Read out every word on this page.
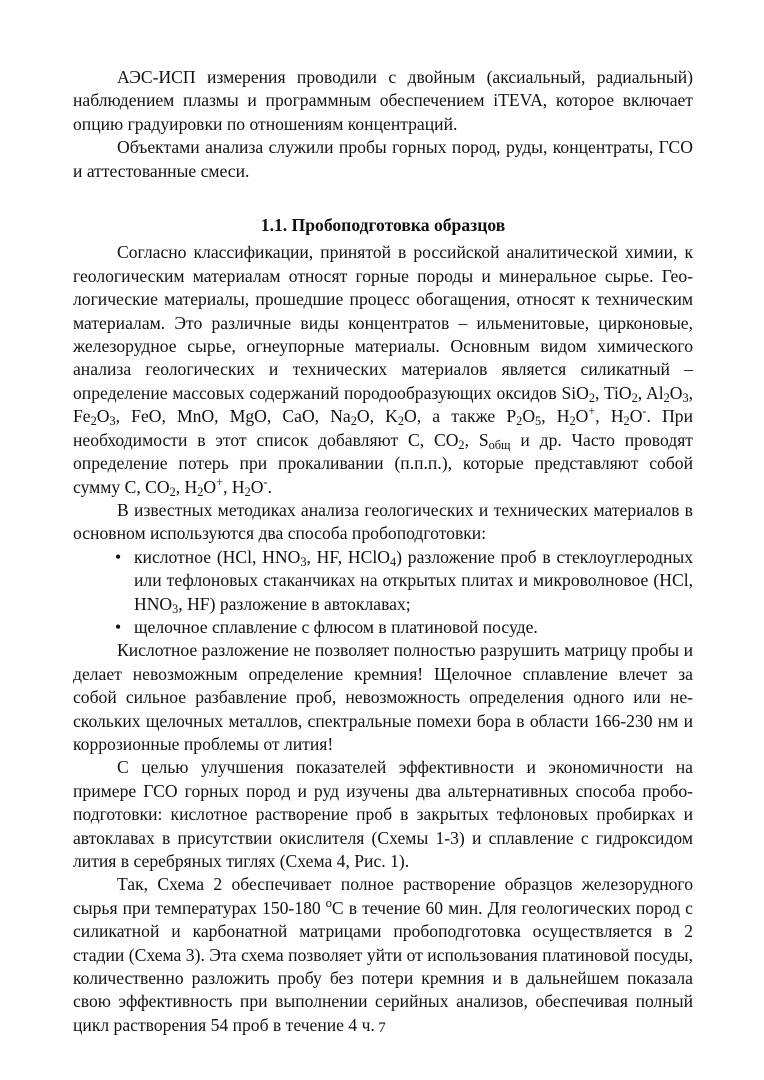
АЭС-ИСП измерения проводили с двойным (аксиальный, радиальный) наблюдением плазмы и программным обеспечением iTEVA, которое включает опцию градуировки по отношениям концентраций.

Объектами анализа служили пробы горных пород, руды, концентраты, ГСО и аттестованные смеси.

1.1. Пробоподготовка образцов

Согласно классификации, принятой в российской аналитической химии, к геологическим материалам относят горные породы и минеральное сырье. Геологические материалы, прошедшие процесс обогащения, относят к техническим материалам. Это различные виды концентратов – ильменитовые, цирконовые, железорудное сырье, огнеупорные материалы. Основным видом химического анализа геологических и технических материалов является силикатный – определение массовых содержаний породообразующих оксидов SiO$_2$, TiO$_2$, $Al_2O_3$, $Fe_2O_3$, FeO, MnO, MgO, CaO, $Na_2O$, $K_2O$, а также $P_2O_5$, $H_2O^+$, $H_2O^-$. При необходимости в этот список добавляют C, $CO_2$, $S_{общ}$ и др. Часто проводят определение потерь при прокаливании (п.п.п.), которые представляют собой сумму C, $CO_2$, $H_2O^+$, $H_2O^-$.

В известных методиках анализа геологических и технических материалов в основном используются два способа пробоподготовки:

• кислотное (HCl, $HNO_3$, HF, HClO$_4$) разложение проб в стеклоуглеродных или тефлоновых стаканчиках на открытых плитах и микроволновое (HCl, $HNO_3$, HF) разложение в автоклавах;
• щелочное сплавление с флюсом в платиновой посуде.

Кислотное разложение не позволяет полностью разрушить матрицу пробы и делает невозможным определение кремния! Щелочное сплавление влечет за собой сильное разбавление проб, невозможность определения одного или нескольких щелочных металлов, спектральные помехи бора в области 166-230 нм и коррозионные проблемы от лития!

С целью улучшения показателей эффективности и экономичности на примере ГСО горных пород и руд изучены два альтернативных способа пробоподготовки: кислотное растворение проб в закрытых тефлоновых пробирках и автоклавах в присутствии окислителя (Схемы 1-3) и сплавление с гидроксидом лития в серебряных тиглях (Схема 4, Рис. 1).

Так, Схема 2 обеспечивает полное растворение образцов железорудного сырья при температурах 150-180 $^o$С в течение 60 мин. Для геологических пород с силикатной и карбонатной матрицами пробоподготовка осуществляется в 2 стадии (Схема 3). Эта схема позволяет уйти от использования платиновой посуды, количественно разложить пробу без потери кремния и в дальнейшем показала свою эффективность при выполнении серийных анализов, обеспечивая полный цикл растворения 54 проб в течение 4 ч. 7
